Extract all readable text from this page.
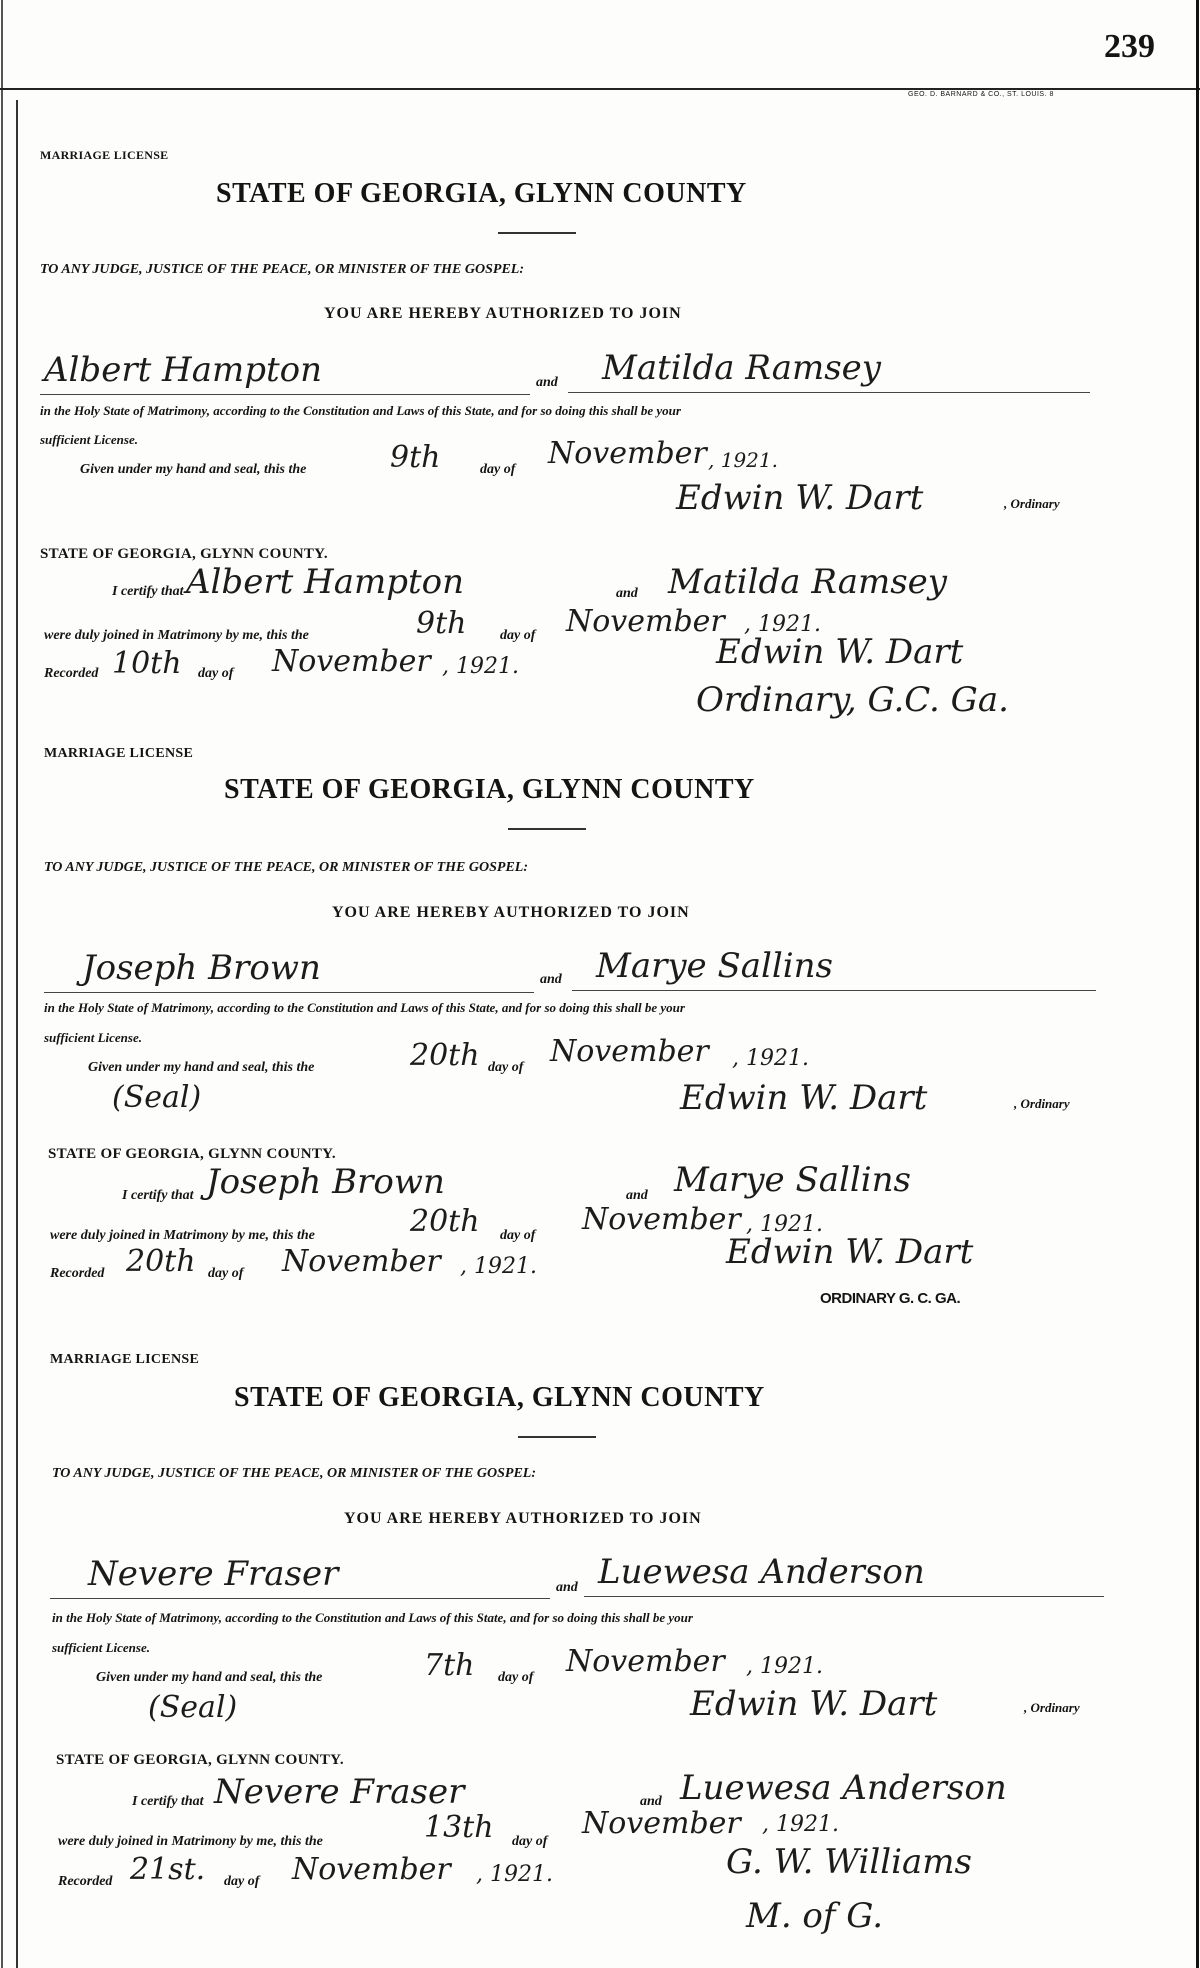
239
GEO. D. BARNARD & CO., ST. LOUIS. 8
MARRIAGE LICENSE
STATE OF GEORGIA, GLYNN COUNTY
TO ANY JUDGE, JUSTICE OF THE PEACE, OR MINISTER OF THE GOSPEL:
YOU ARE HEREBY AUTHORIZED TO JOIN
Albert Hampton	and Matilda Ramsey
in the Holy State of Matrimony, according to the Constitution and Laws of this State, and for so doing this shall be your
sufficient License.
Given under my hand and seal, this the	9th	day of November , 1921.
Edwin W. Dart	, Ordinary
STATE OF GEORGIA, GLYNN COUNTY.
I certify that Albert Hampton	and Matilda Ramsey
were duly joined in Matrimony by me, this the	9th day of November , 1921.
Recorded 10th day of November , 1921.	Edwin W. Dart
Ordinary, G.C. Ga.
MARRIAGE LICENSE
STATE OF GEORGIA, GLYNN COUNTY
TO ANY JUDGE, JUSTICE OF THE PEACE, OR MINISTER OF THE GOSPEL:
YOU ARE HEREBY AUTHORIZED TO JOIN
Joseph Brown	and Marye Sallins
in the Holy State of Matrimony, according to the Constitution and Laws of this State, and for so doing this shall be your
sufficient License.
Given under my hand and seal, this the	20th day of November , 1921.
(Seal)	Edwin W. Dart	, Ordinary
STATE OF GEORGIA, GLYNN COUNTY.
I certify that Joseph Brown	and Marye Sallins
were duly joined in Matrimony by me, this the	20th day of November , 1921.
Recorded 20th day of November , 1921.	Edwin W. Dart
ORDINARY G. C. GA.
MARRIAGE LICENSE
STATE OF GEORGIA, GLYNN COUNTY
TO ANY JUDGE, JUSTICE OF THE PEACE, OR MINISTER OF THE GOSPEL:
YOU ARE HEREBY AUTHORIZED TO JOIN
Nevere Fraser	and Luewesa Anderson
in the Holy State of Matrimony, according to the Constitution and Laws of this State, and for so doing this shall be your
sufficient License.
Given under my hand and seal, this the	7th day of November , 1921.
(Seal)	Edwin W. Dart	, Ordinary
STATE OF GEORGIA, GLYNN COUNTY.
I certify that Nevere Fraser	and Luewesa Anderson
were duly joined in Matrimony by me, this the	13th day of
November , 1921.
Recorded 21st. day of November , 1921.	G. W. Williams
M. of G.
